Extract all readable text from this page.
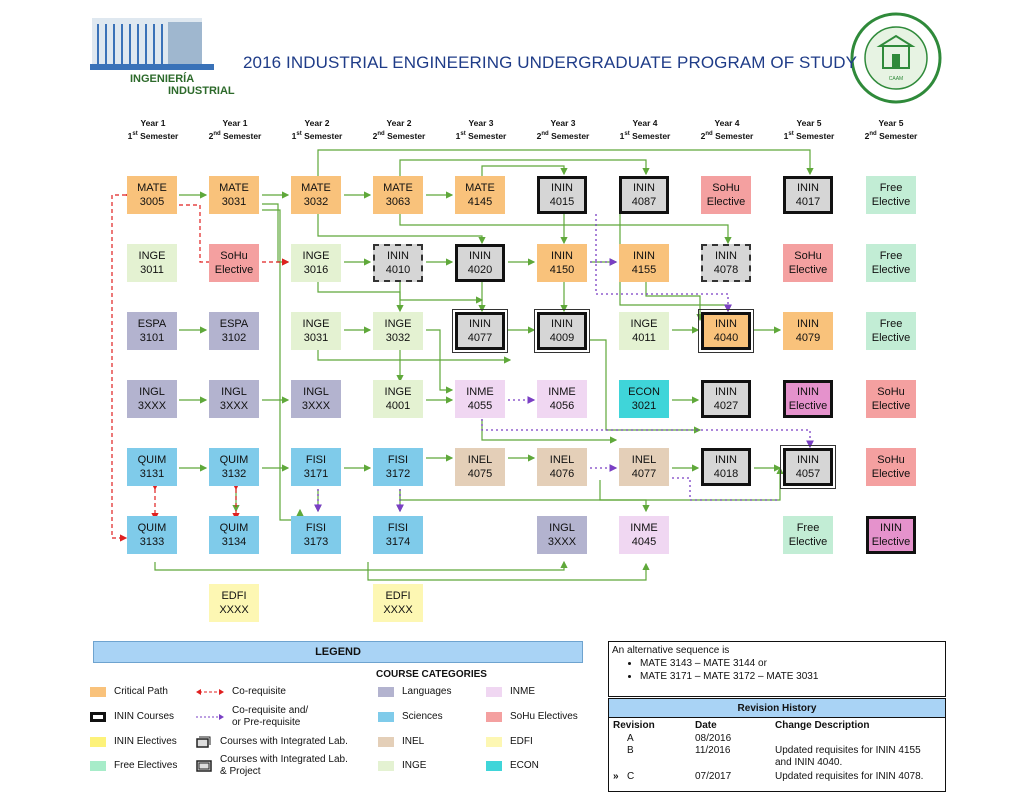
INGENIERÍA
INDUSTRIAL
CAAM
2016 INDUSTRIAL ENGINEERING UNDERGRADUATE PROGRAM OF STUDY
Year 1
1st Semester
Year 1
2nd Semester
Year 2
1st Semester
Year 2
2nd Semester
Year 3
1st Semester
Year 3
2nd Semester
Year 4
1st Semester
Year 4
2nd Semester
Year 5
1st Semester
Year 5
2nd Semester
MATE
3005
MATE
3031
MATE
3032
MATE
3063
MATE
4145
ININ
4015
ININ
4087
SoHu
Elective
ININ
4017
Free
Elective
INGE
3011
SoHu
Elective
INGE
3016
ININ
4010
ININ
4020
ININ
4150
ININ
4155
ININ
4078
SoHu
Elective
Free
Elective
ESPA
3101
ESPA
3102
INGE
3031
INGE
3032
ININ
4077
ININ
4009
INGE
4011
ININ
4040
ININ
4079
Free
Elective
INGL
3XXX
INGL
3XXX
INGL
3XXX
INGE
4001
INME
4055
INME
4056
ECON
3021
ININ
4027
ININ
Elective
SoHu
Elective
QUIM
3131
QUIM
3132
FISI
3171
FISI
3172
INEL
4075
INEL
4076
INEL
4077
ININ
4018
ININ
4057
SoHu
Elective
QUIM
3133
QUIM
3134
FISI
3173
FISI
3174
INGL
3XXX
INME
4045
Free
Elective
ININ
Elective
EDFI
XXXX
EDFI
XXXX
LEGEND
COURSE CATEGORIES
Critical Path
ININ Courses
ININ Electives
Free Electives
Co-requisite
Co-requisite and/
or Pre-requisite
Courses with Integrated Lab.
Courses with Integrated Lab.
& Project
Languages
Sciences
INEL
INGE
INME
SoHu Electives
EDFI
ECON
An alternative sequence is
• MATE 3143 – MATE 3144 or
• MATE 3171 – MATE 3172 – MATE 3031
Revision History
Revision	Date	Change Description
A	08/2016
B	11/2016	Updated requisites for ININ 4155
and ININ 4040.
C	07/2017	Updated requisites for ININ 4078.
»
